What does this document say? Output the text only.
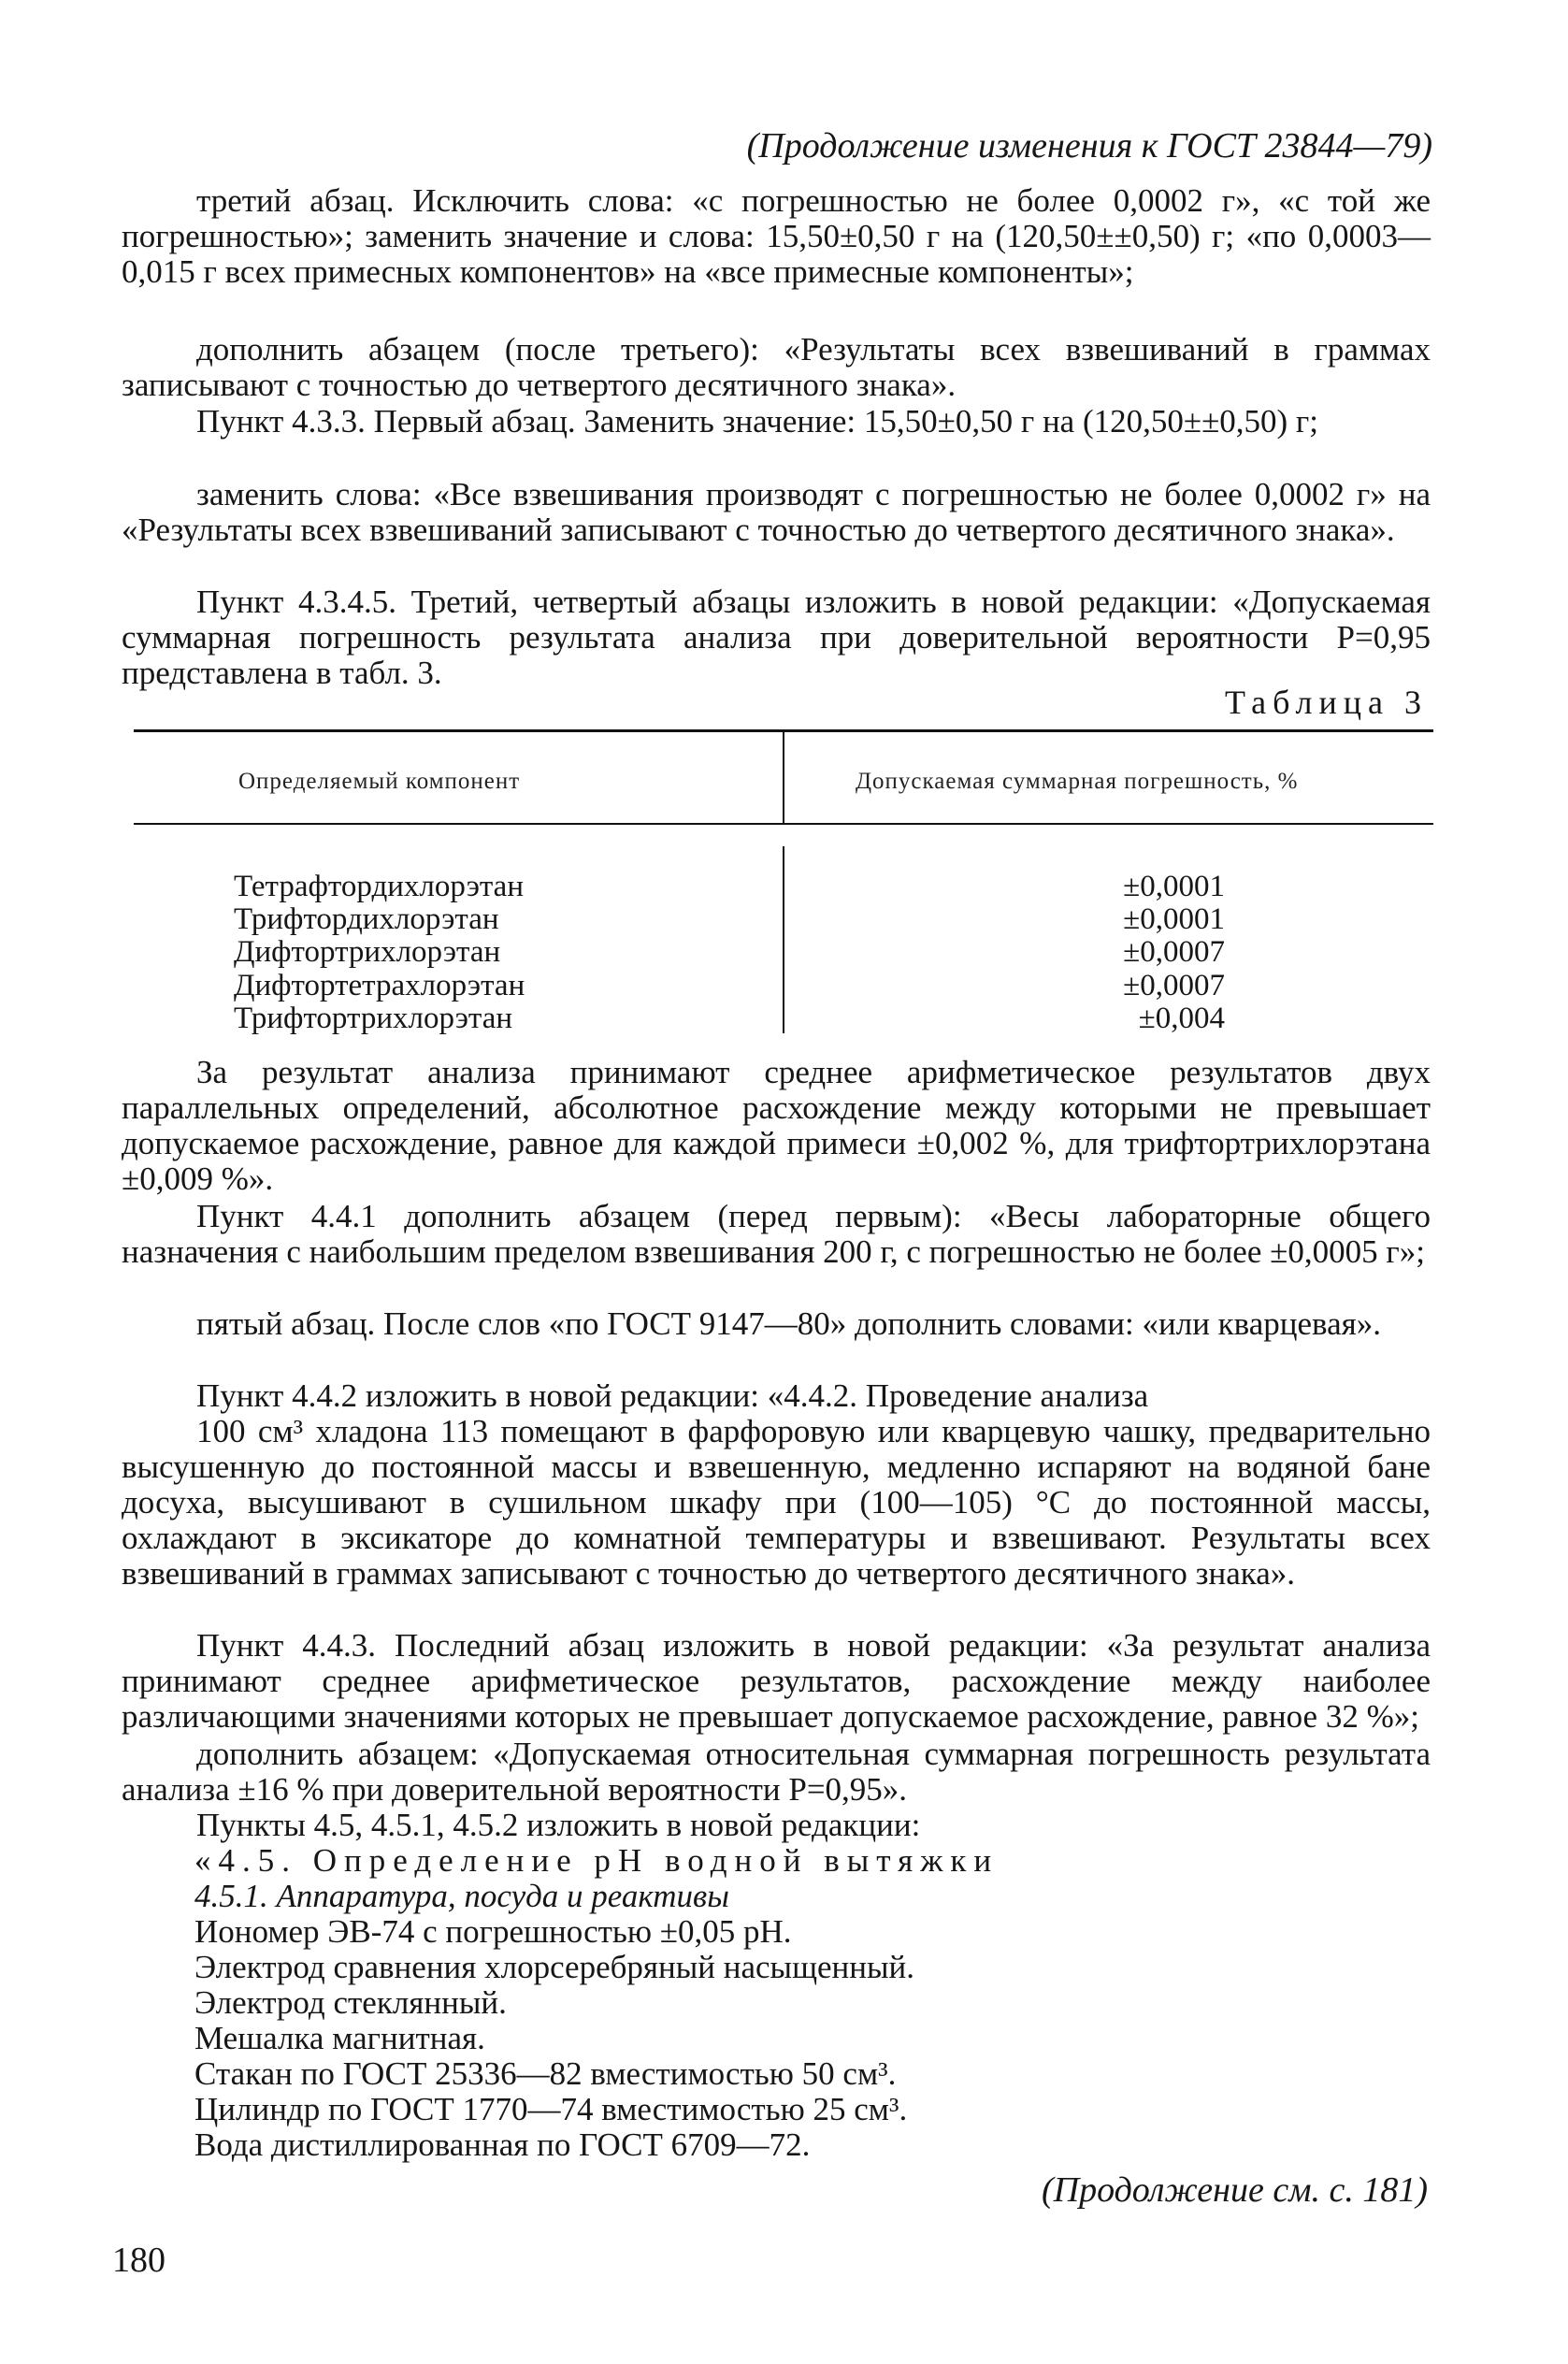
(Продолжение изменения к ГОСТ 23844—79)

третий абзац. Исключить слова: «с погрешностью не более 0,0002 г», «с той же погрешностью»; заменить значение и слова: 15,50±0,50 г на (120,50±±0,50) г; «по 0,0003—0,015 г всех примесных компонентов» на «все примесные компоненты»;

дополнить абзацем (после третьего): «Результаты всех взвешиваний в граммах записывают с точностью до четвертого десятичного знака».

Пункт 4.3.3. Первый абзац. Заменить значение: 15,50±0,50 г на (120,50±±0,50) г;

заменить слова: «Все взвешивания производят с погрешностью не более 0,0002 г» на «Результаты всех взвешиваний записывают с точностью до четвертого десятичного знака».

Пункт 4.3.4.5. Третий, четвертый абзацы изложить в новой редакции: «Допускаемая суммарная погрешность результата анализа при доверительной вероятности Р=0,95 представлена в табл. 3.

Таблица 3

Определяемый компонент	Допускаемая суммарная погрешность, %

Тетрафтордихлорэтан	±0,0001

Трифтордихлорэтан	±0,0001

Дифтортрихлорэтан	±0,0007

Дифтортетрахлорэтан	±0,0007

Трифтортрихлорэтан	±0,004

За результат анализа принимают среднее арифметическое результатов двух параллельных определений, абсолютное расхождение между которыми не превышает допускаемое расхождение, равное для каждой примеси ±0,002 %, для трифтортрихлорэтана ±0,009 %».

Пункт 4.4.1 дополнить абзацем (перед первым): «Весы лабораторные общего назначения с наибольшим пределом взвешивания 200 г, с погрешностью не более ±0,0005 г»;

пятый абзац. После слов «по ГОСТ 9147—80» дополнить словами: «или кварцевая».

Пункт 4.4.2 изложить в новой редакции: «4.4.2. Проведение анализа

100 см³ хладона 113 помещают в фарфоровую или кварцевую чашку, предварительно высушенную до постоянной массы и взвешенную, медленно испаряют на водяной бане досуха, высушивают в сушильном шкафу при (100—105) °С до постоянной массы, охлаждают в эксикаторе до комнатной температуры и взвешивают. Результаты всех взвешиваний в граммах записывают с точностью до четвертого десятичного знака».

Пункт 4.4.3. Последний абзац изложить в новой редакции: «За результат анализа принимают среднее арифметическое результатов, расхождение между наиболее различающими значениями которых не превышает допускаемое расхождение, равное 32 %»;

дополнить абзацем: «Допускаемая относительная суммарная погрешность результата анализа ±16 % при доверительной вероятности Р=0,95».

Пункты 4.5, 4.5.1, 4.5.2 изложить в новой редакции:

«4.5. Определение рН водной вытяжки

4.5.1. Аппаратура, посуда и реактивы

Иономер ЭВ-74 с погрешностью ±0,05 рН.

Электрод сравнения хлорсеребряный насыщенный.

Электрод стеклянный.

Мешалка магнитная.

Стакан по ГОСТ 25336—82 вместимостью 50 см³.

Цилиндр по ГОСТ 1770—74 вместимостью 25 см³.

Вода дистиллированная по ГОСТ 6709—72.

(Продолжение см. с. 181)

180
